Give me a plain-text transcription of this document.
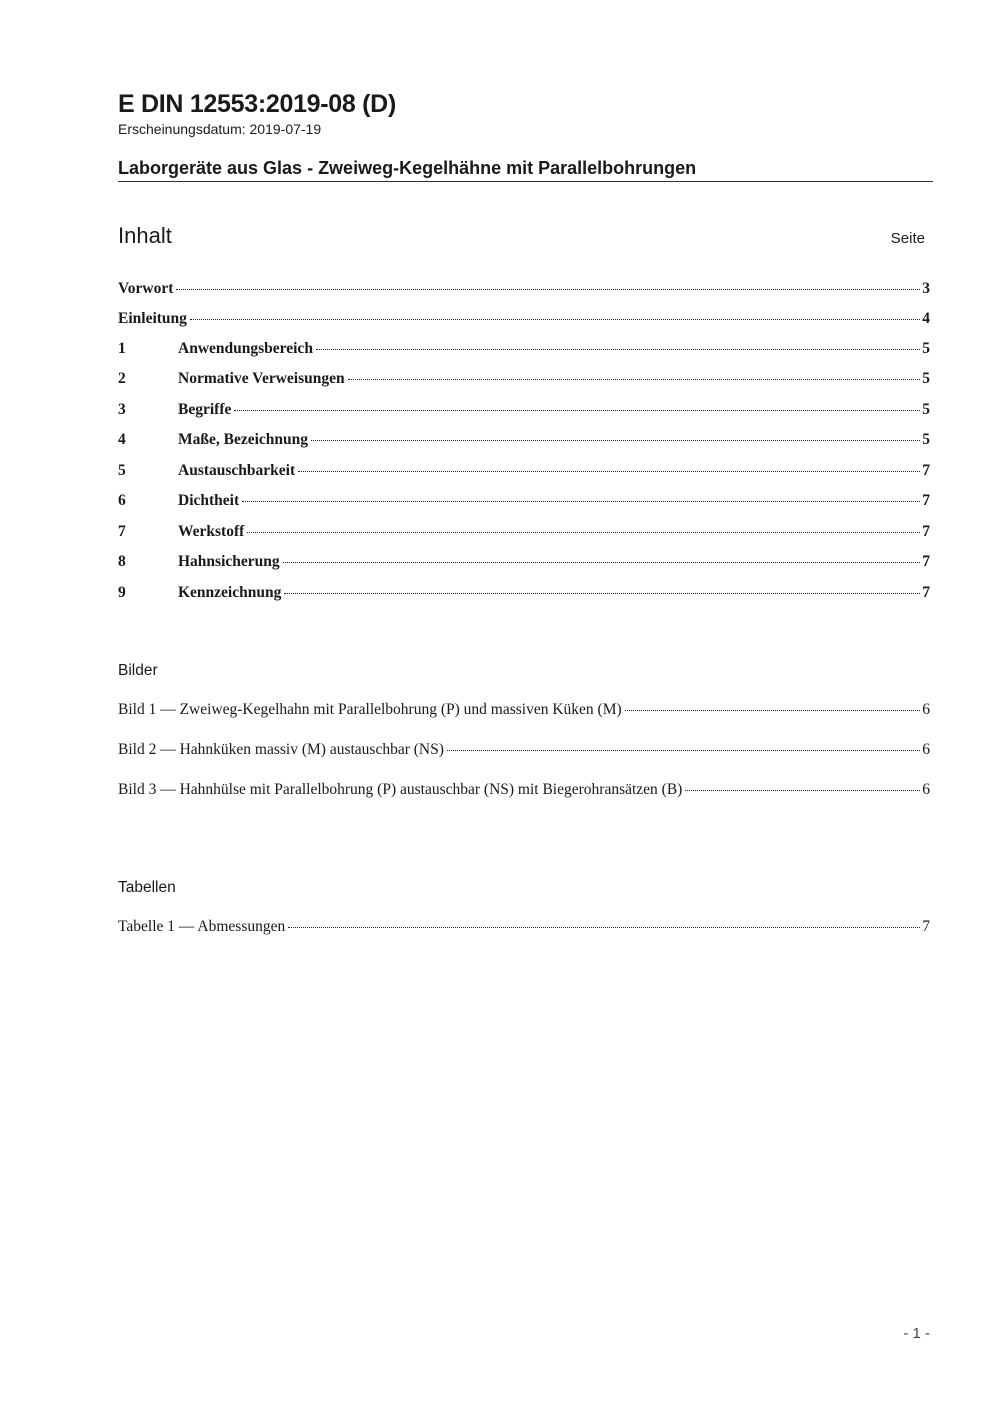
E DIN 12553:2019-08 (D)
Erscheinungsdatum: 2019-07-19
Laborgeräte aus Glas - Zweiweg-Kegelhähne mit Parallelbohrungen
Inhalt	Seite
Vorwort	3
Einleitung	4
1	Anwendungsbereich	5
2	Normative Verweisungen	5
3	Begriffe	5
4	Maße, Bezeichnung	5
5	Austauschbarkeit	7
6	Dichtheit	7
7	Werkstoff	7
8	Hahnsicherung	7
9	Kennzeichnung	7
Bilder
Bild 1 — Zweiweg-Kegelhahn mit Parallelbohrung (P) und massiven Küken (M)	6
Bild 2 — Hahnküken massiv (M) austauschbar (NS)	6
Bild 3 — Hahnhülse mit Parallelbohrung (P) austauschbar (NS) mit Biegerohransätzen (B)	6
Tabellen
Tabelle 1 — Abmessungen	7
- 1 -
